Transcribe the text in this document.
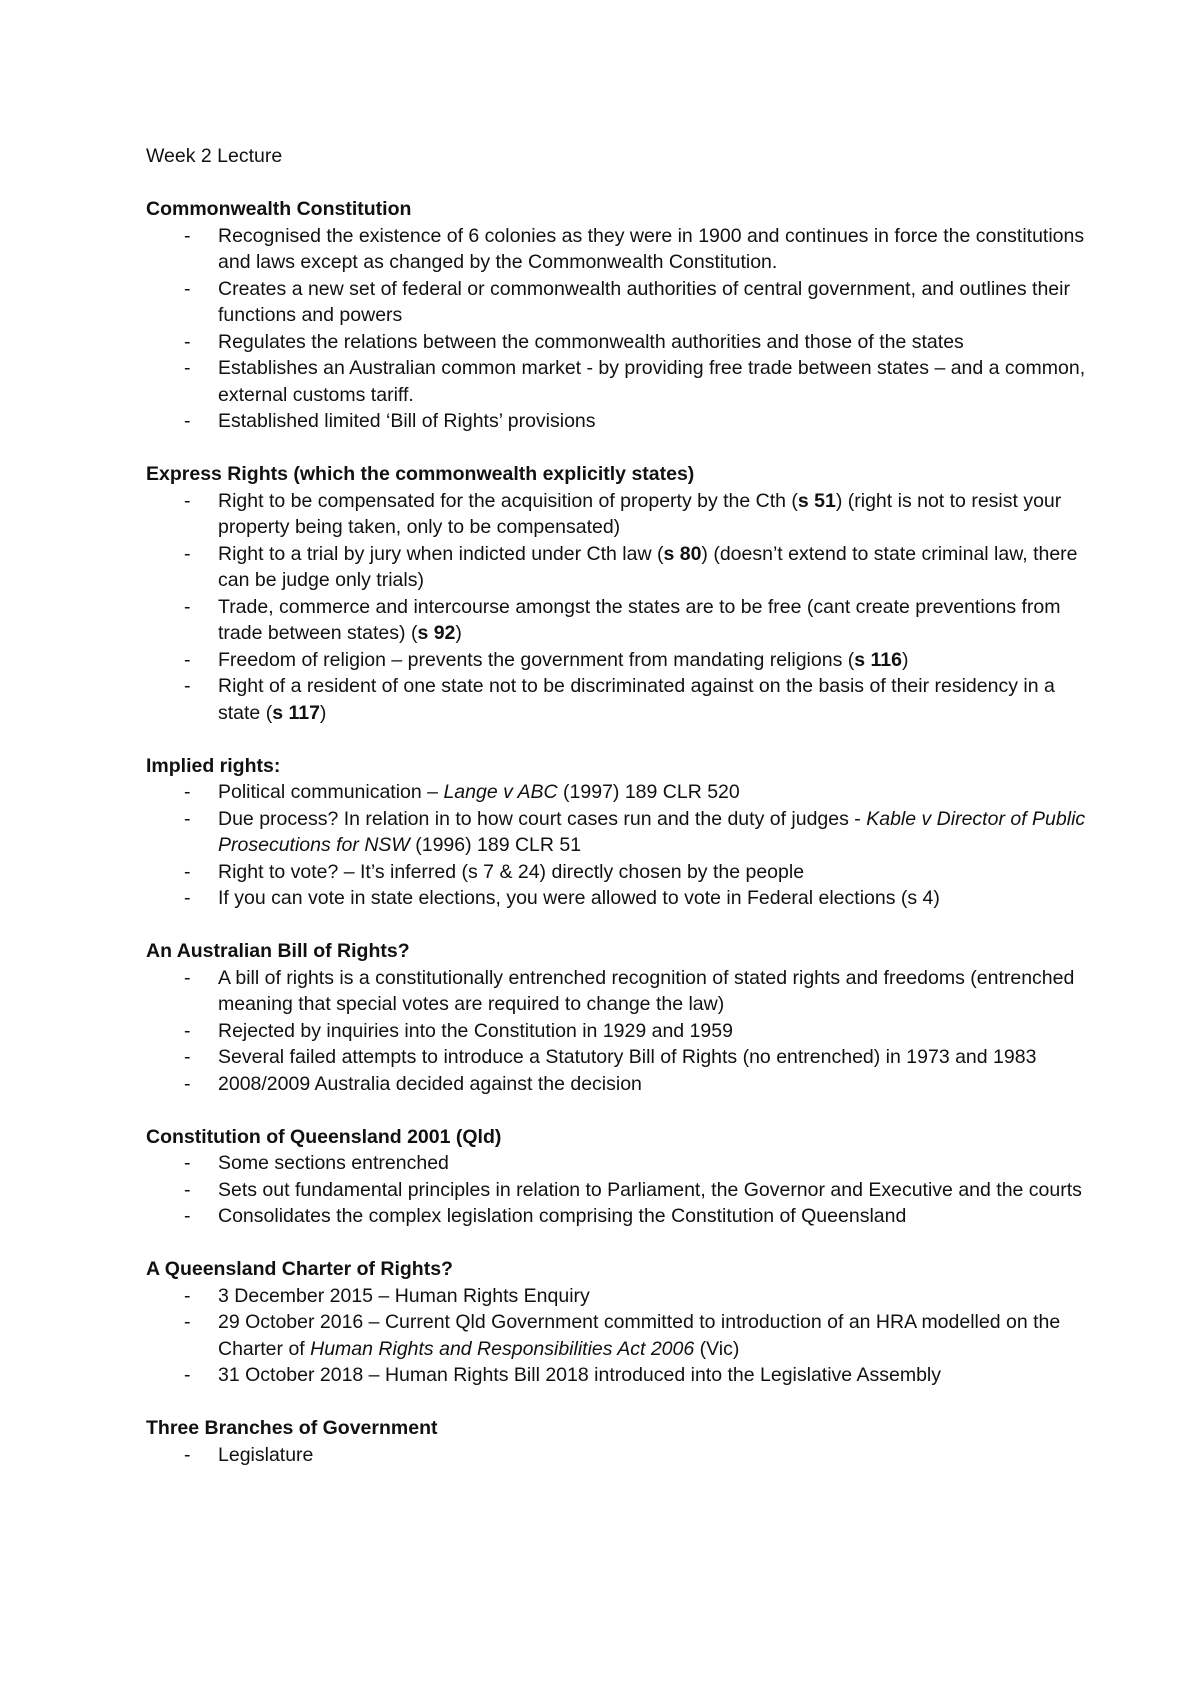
Week 2 Lecture

Commonwealth Constitution

- Recognised the existence of 6 colonies as they were in 1900 and continues in force the constitutions and laws except as changed by the Commonwealth Constitution.
- Creates a new set of federal or commonwealth authorities of central government, and outlines their functions and powers
- Regulates the relations between the commonwealth authorities and those of the states
- Establishes an Australian common market - by providing free trade between states – and a common, external customs tariff.
- Established limited ‘Bill of Rights’ provisions

Express Rights (which the commonwealth explicitly states)

- Right to be compensated for the acquisition of property by the Cth (s 51) (right is not to resist your property being taken, only to be compensated)
- Right to a trial by jury when indicted under Cth law (s 80) (doesn’t extend to state criminal law, there can be judge only trials)
- Trade, commerce and intercourse amongst the states are to be free (cant create preventions from trade between states) (s 92)
- Freedom of religion – prevents the government from mandating religions (s 116)
- Right of a resident of one state not to be discriminated against on the basis of their residency in a state (s 117)

Implied rights:

- Political communication – Lange v ABC (1997) 189 CLR 520
- Due process? In relation in to how court cases run and the duty of judges - Kable v Director of Public Prosecutions for NSW (1996) 189 CLR 51
- Right to vote? – It’s inferred (s 7 & 24) directly chosen by the people
- If you can vote in state elections, you were allowed to vote in Federal elections (s 4)

An Australian Bill of Rights?

- A bill of rights is a constitutionally entrenched recognition of stated rights and freedoms (entrenched meaning that special votes are required to change the law)
- Rejected by inquiries into the Constitution in 1929 and 1959
- Several failed attempts to introduce a Statutory Bill of Rights (no entrenched) in 1973 and 1983
- 2008/2009 Australia decided against the decision

Constitution of Queensland 2001 (Qld)

- Some sections entrenched
- Sets out fundamental principles in relation to Parliament, the Governor and Executive and the courts
- Consolidates the complex legislation comprising the Constitution of Queensland

A Queensland Charter of Rights?

- 3 December 2015 – Human Rights Enquiry
- 29 October 2016 – Current Qld Government committed to introduction of an HRA modelled on the Charter of Human Rights and Responsibilities Act 2006 (Vic)
- 31 October 2018 – Human Rights Bill 2018 introduced into the Legislative Assembly

Three Branches of Government

- Legislature
